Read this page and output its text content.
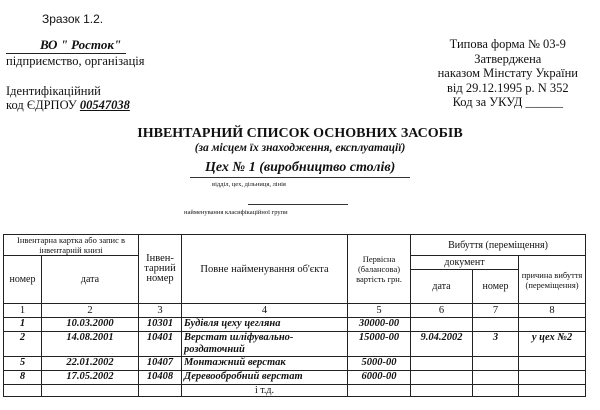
Зразок 1.2.
ВО " Росток"
підприємство, організація
Ідентифікаційний
код ЄДРПОУ 00547038
Типова форма № 03-9
Затверджена
наказом Мінстату України
від 29.12.1995 р. N 352
Код за УКУД ______
ІНВЕНТАРНИЙ СПИСОК ОСНОВНИХ ЗАСОБІВ
(за місцем їх знаходження, експлуатації)
Цех № 1 (виробництво столів)
відділ, цех, дільниця, лінія
найменування класифікаційної групи
Інвентарна картка або запис в інвентарній книзі		Інвен-тарний номер	Повне найменування об'єкта	Первісна (балансова) вартість грн.	Вибуття (переміщення)		
номер	дата				документ		причина вибуття (переміщення)
					дата	номер	
1	2	3	4	5	6	7	8
1	10.03.2000	10301	Будівля цеху цегляна	30000-00			
2	14.08.2001	10401	Верстат шліфувально-роздаточний	15000-00	9.04.2002	3	у цех №2
5	22.01.2002	10407	Монтажний верстак	5000-00			
8	17.05.2002	10408	Деревообробний верстат	6000-00			
			і т.д.				
